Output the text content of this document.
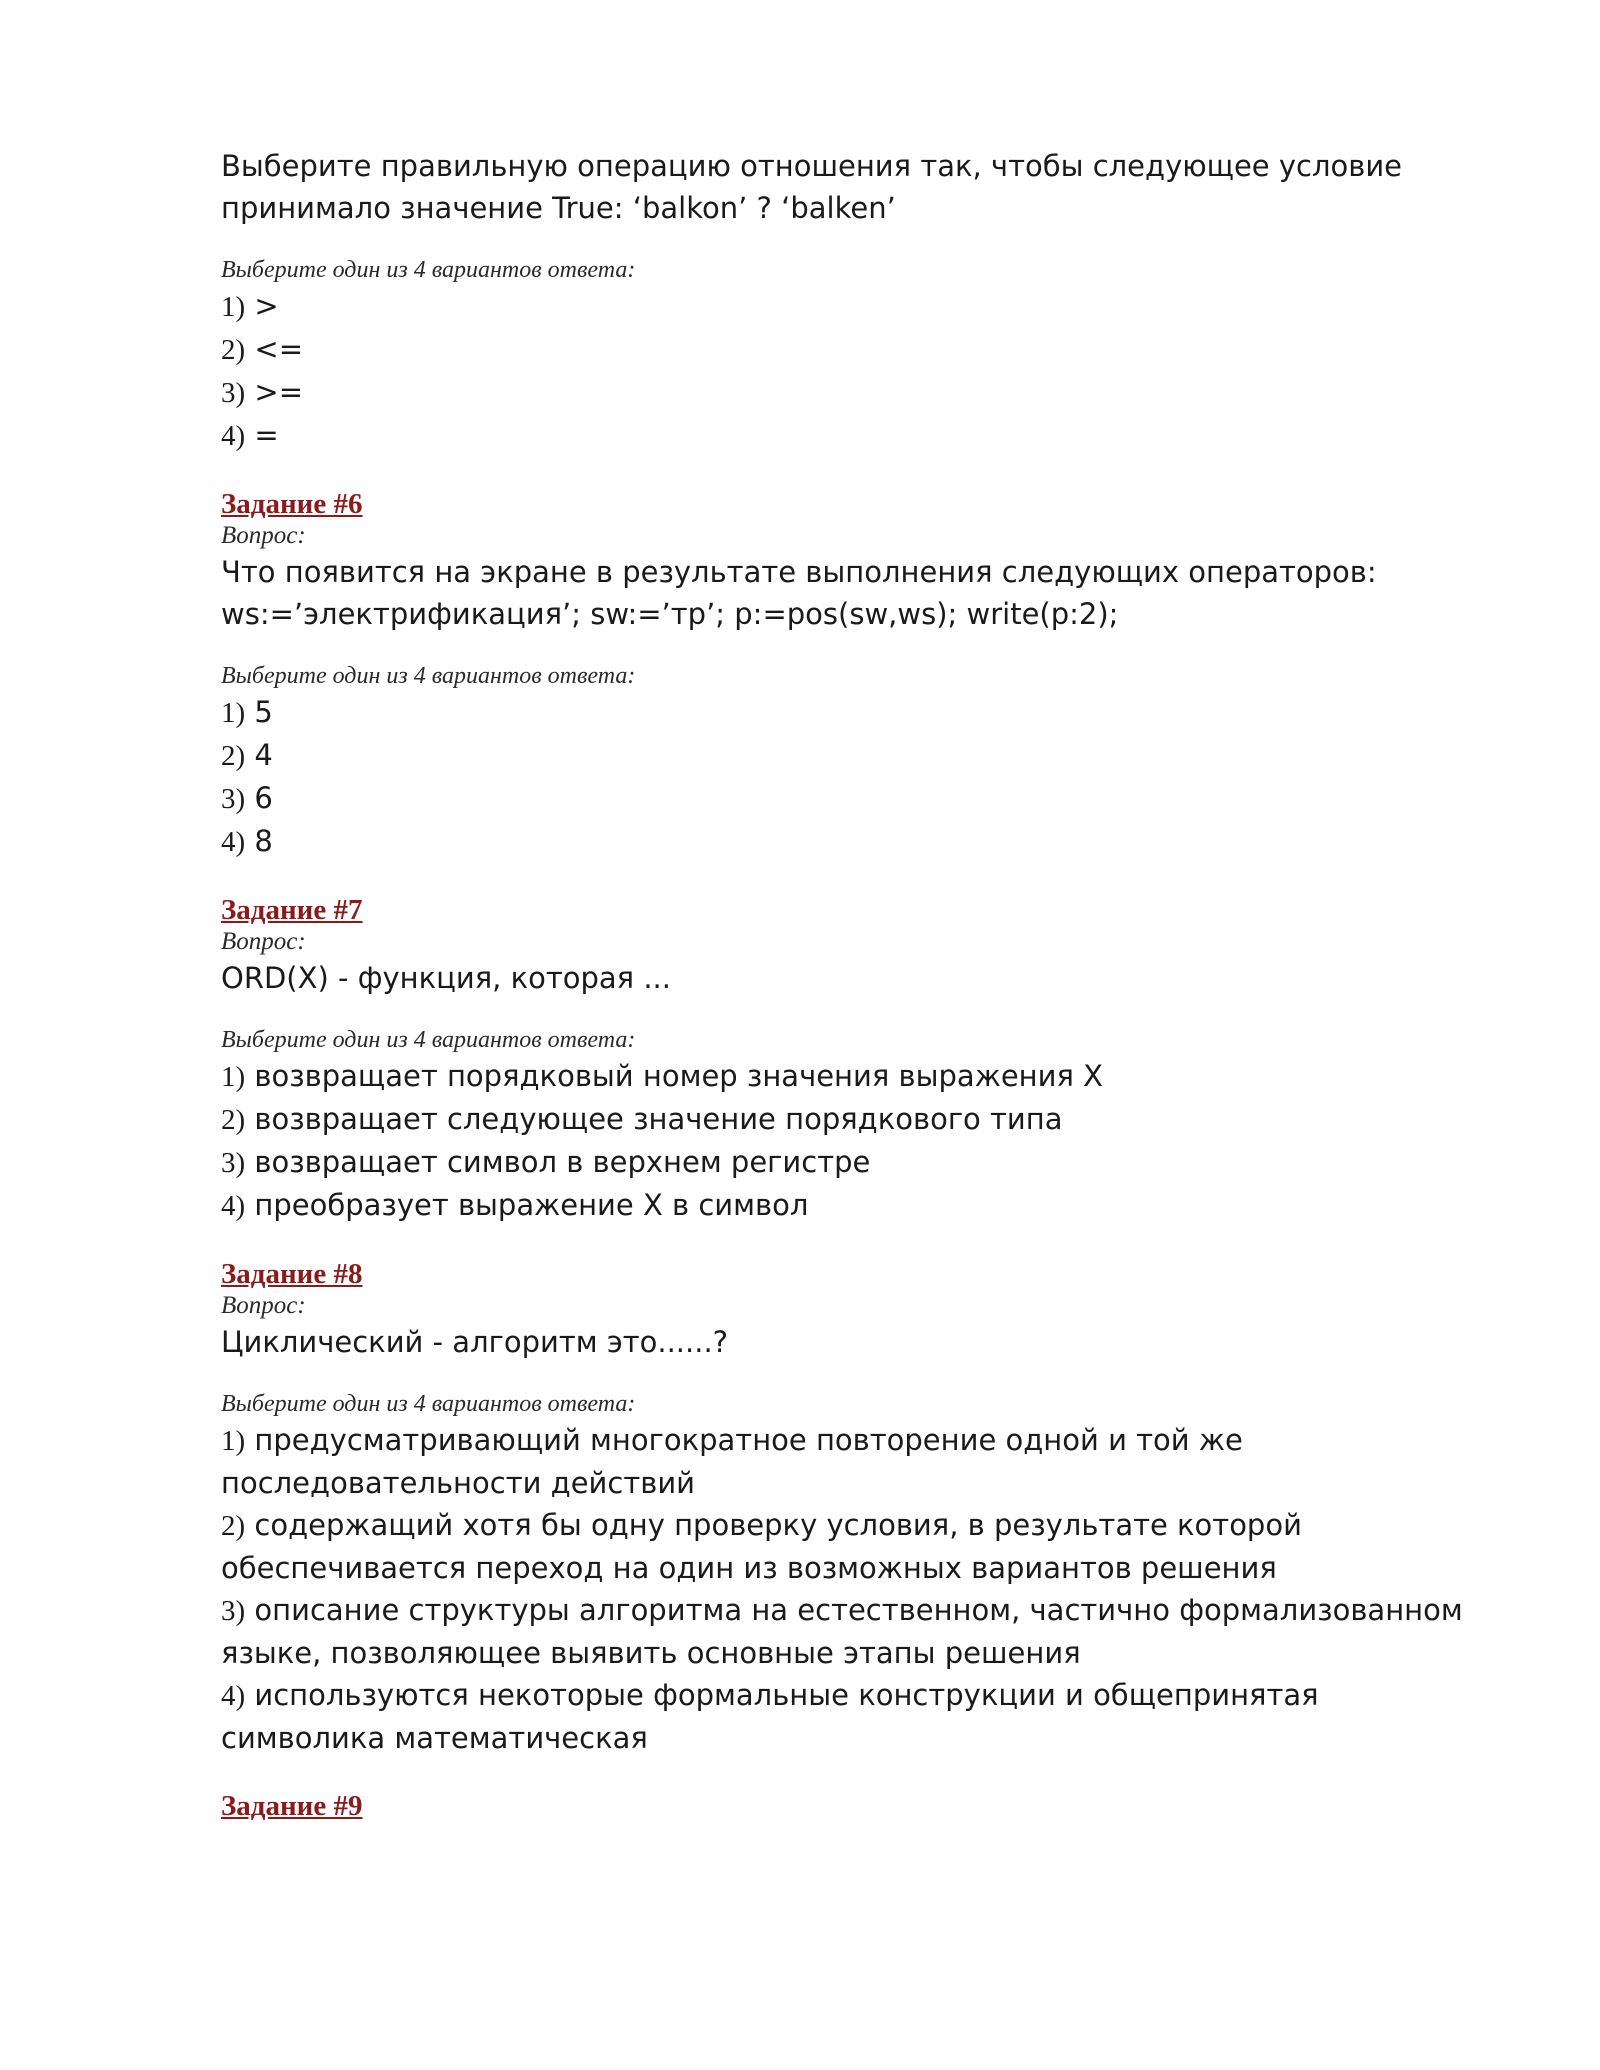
Выберите правильную операцию отношения так, чтобы следующее условие

принимало значение True: ‘balkon’ ? ‘balken’

Выберите один из 4 вариантов ответа:

1) >

2) <=

3) >=

4) =

Задание #6

Вопрос:

Что появится на экране в результате выполнения следующих операторов:

ws:=’электрификация’; sw:=’тр’; p:=pos(sw,ws); write(p:2);

Выберите один из 4 вариантов ответа:

1) 5

2) 4

3) 6

4) 8

Задание #7

Вопрос:

ORD(X) - функция, которая ...

Выберите один из 4 вариантов ответа:

1) возвращает порядковый номер значения выражения X

2) возвращает следующее значение порядкового типа

3) возвращает символ в верхнем регистре

4) преобразует выражение X в символ

Задание #8

Вопрос:

Циклический - алгоритм это......?

Выберите один из 4 вариантов ответа:

1) предусматривающий многократное повторение одной и той же

последовательности действий

2) содержащий хотя бы одну проверку условия, в результате которой

обеспечивается переход на один из возможных вариантов решения

3) описание структуры алгоритма на естественном, частично формализованном

языке, позволяющее выявить основные этапы решения

4) используются некоторые формальные конструкции и общепринятая

символика математическая

Задание #9
